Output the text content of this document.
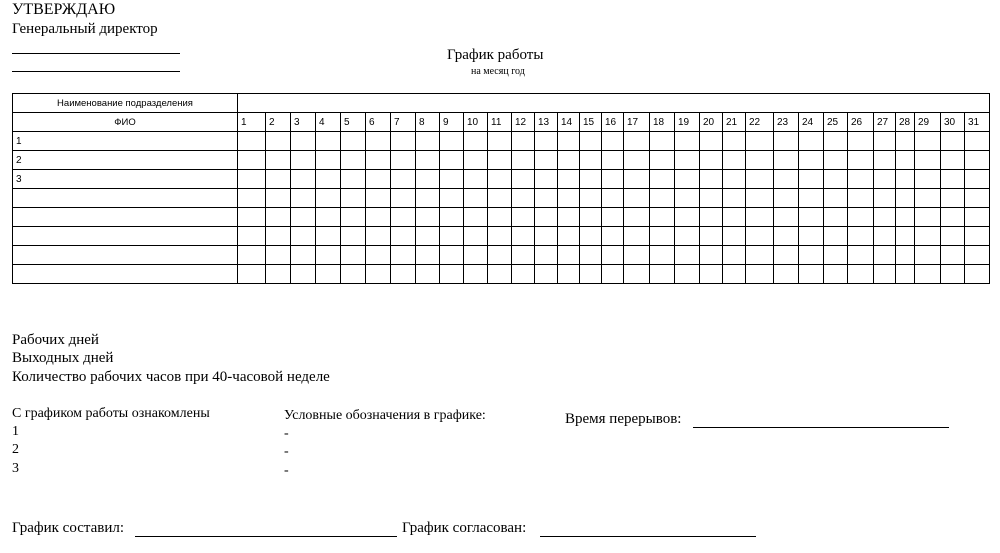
УТВЕРЖДАЮ
Генеральный директор
График работы
на месяц год
Наименование подразделения																															
ФИО	1	2	3	4	5	6	7	8	9	10	11	12	13	14	15	16	17	18	19	20	21	22	23	24	25	26	27	28	29	30	31
1																															
2																															
3																															

Рабочих дней
Выходных дней
Количество рабочих часов при 40-часовой неделе
С графиком работы ознакомлены
1
2
3
Условные обозначения в графике:
-
-
-
Время перерывов:
График составил:	График согласован:
